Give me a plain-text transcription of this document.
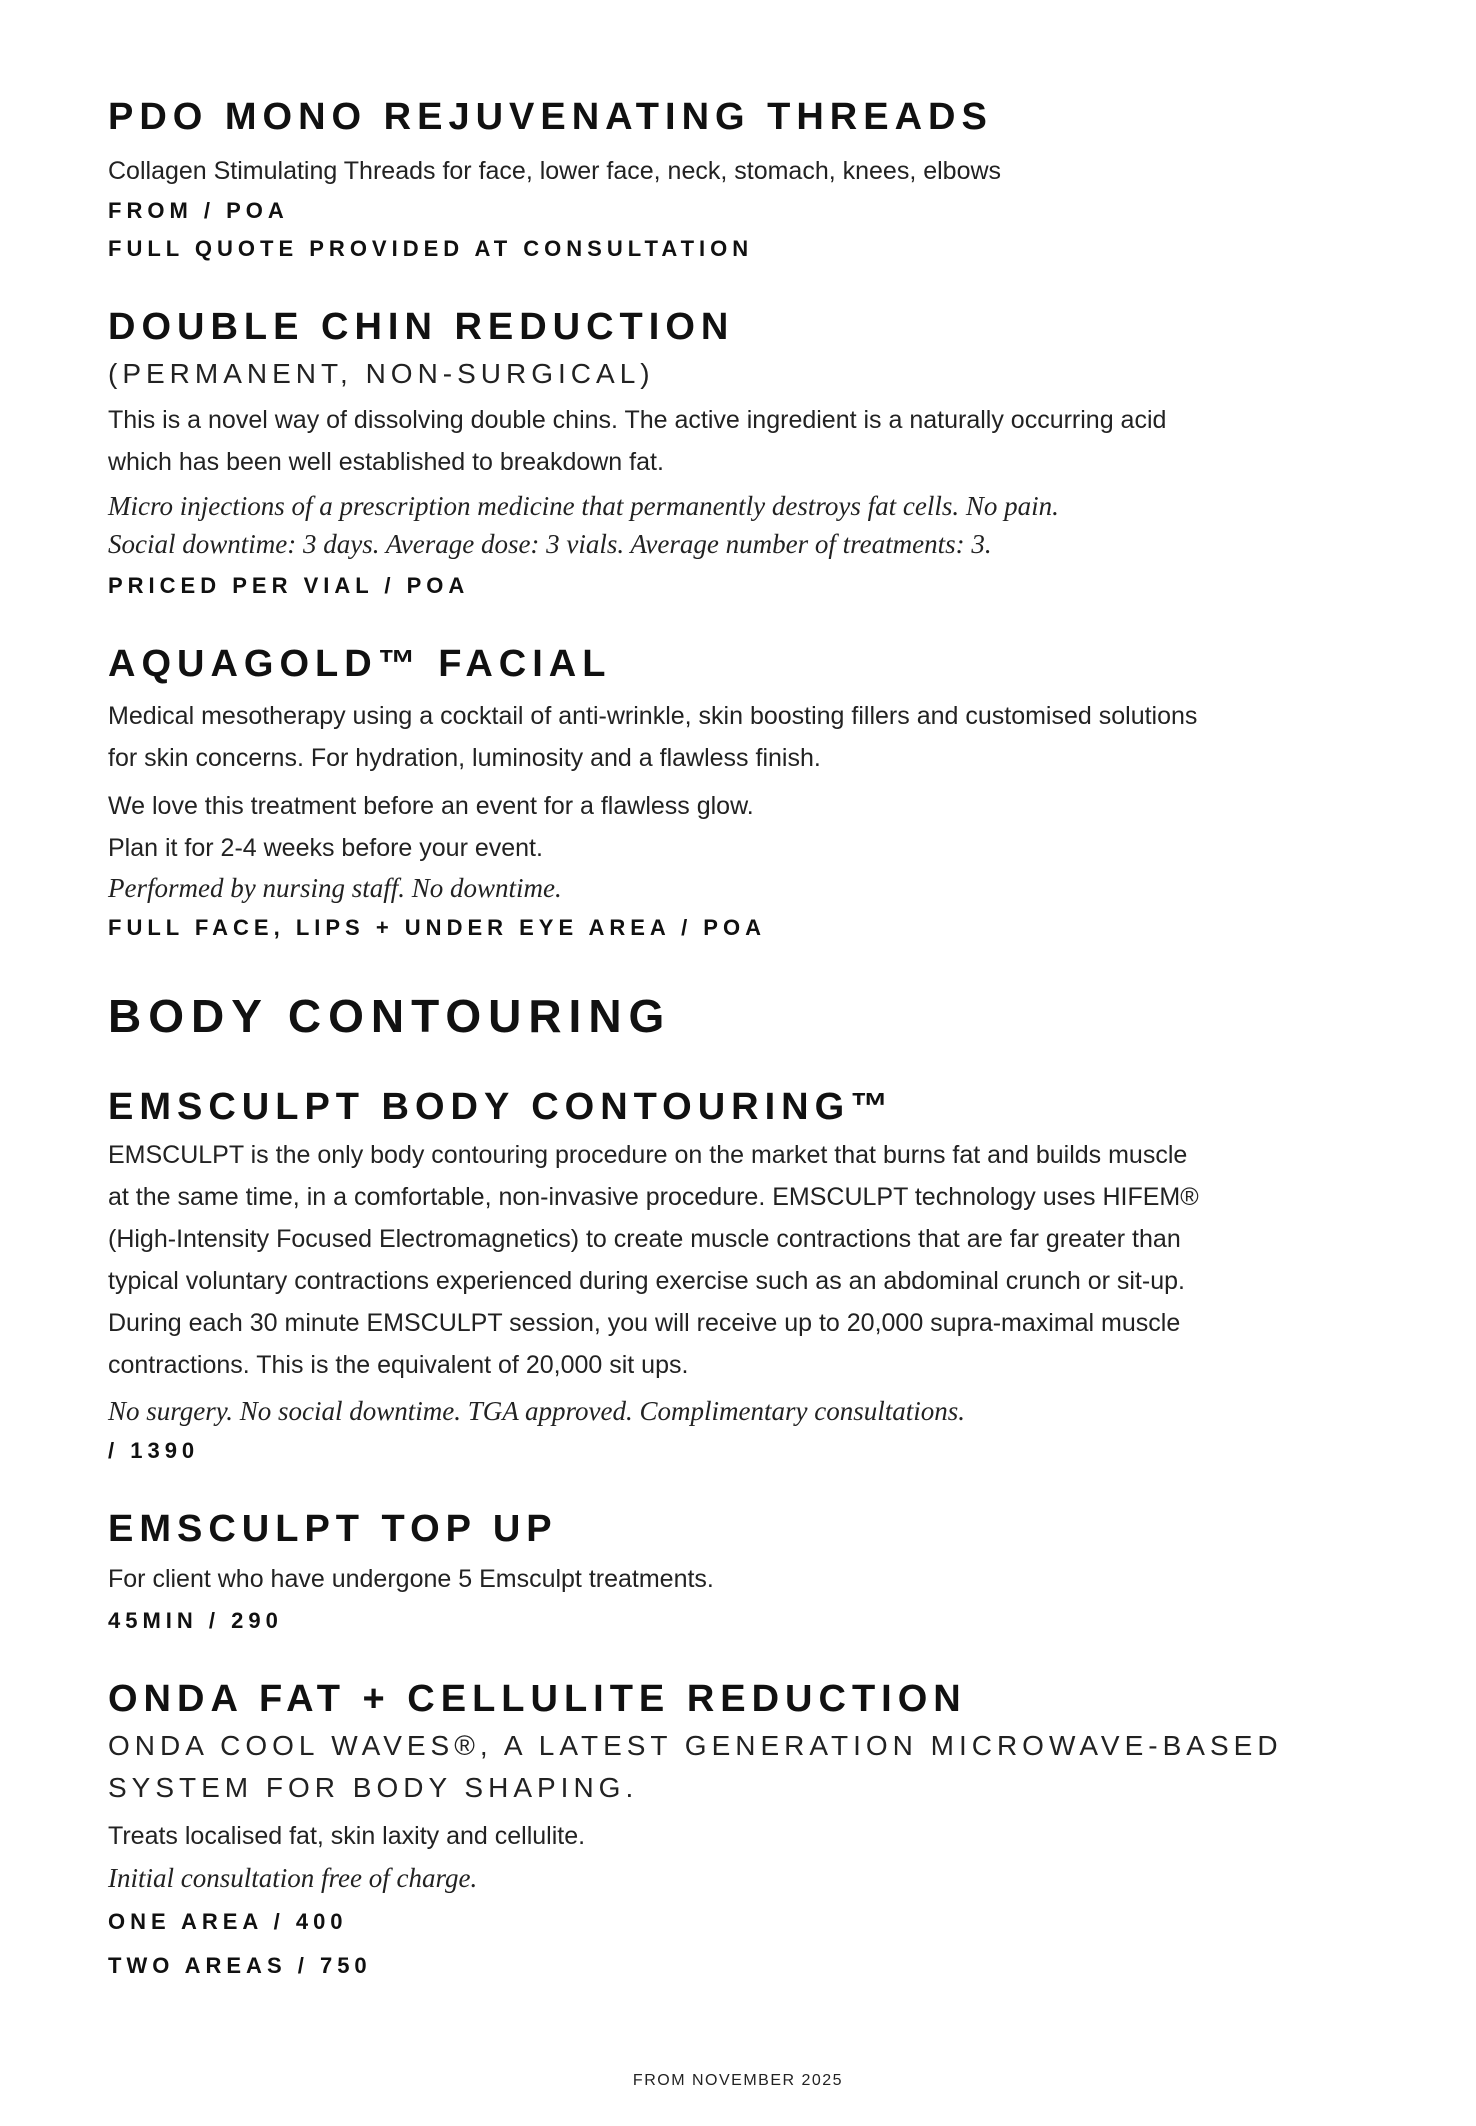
PDO MONO REJUVENATING THREADS

Collagen Stimulating Threads for face, lower face, neck, stomach, knees, elbows

FROM / POA

FULL QUOTE PROVIDED AT CONSULTATION

DOUBLE CHIN REDUCTION

(PERMANENT, NON-SURGICAL)

This is a novel way of dissolving double chins. The active ingredient is a naturally occurring acid

which has been well established to breakdown fat.

Micro injections of a prescription medicine that permanently destroys fat cells. No pain.

Social downtime: 3 days. Average dose: 3 vials. Average number of treatments: 3.

PRICED PER VIAL / POA

AQUAGOLD™ FACIAL

Medical mesotherapy using a cocktail of anti-wrinkle, skin boosting fillers and customised solutions

for skin concerns. For hydration, luminosity and a flawless finish.

We love this treatment before an event for a flawless glow.

Plan it for 2-4 weeks before your event.

Performed by nursing staff. No downtime.

FULL FACE, LIPS + UNDER EYE AREA / POA

BODY CONTOURING
EMSCULPT BODY CONTOURING™

EMSCULPT is the only body contouring procedure on the market that burns fat and builds muscle

at the same time, in a comfortable, non-invasive procedure. EMSCULPT technology uses HIFEM®

(High-Intensity Focused Electromagnetics) to create muscle contractions that are far greater than

typical voluntary contractions experienced during exercise such as an abdominal crunch or sit-up.

During each 30 minute EMSCULPT session, you will receive up to 20,000 supra-maximal muscle

contractions. This is the equivalent of 20,000 sit ups.

No surgery. No social downtime. TGA approved. Complimentary consultations.

/ 1390

EMSCULPT TOP UP

For client who have undergone 5 Emsculpt treatments.

45MIN / 290

ONDA FAT + CELLULITE REDUCTION

ONDA COOL WAVES®, A LATEST GENERATION MICROWAVE-BASED

SYSTEM FOR BODY SHAPING.

Treats localised fat, skin laxity and cellulite.

Initial consultation free of charge.

ONE AREA / 400

TWO AREAS / 750

FROM NOVEMBER 2025
